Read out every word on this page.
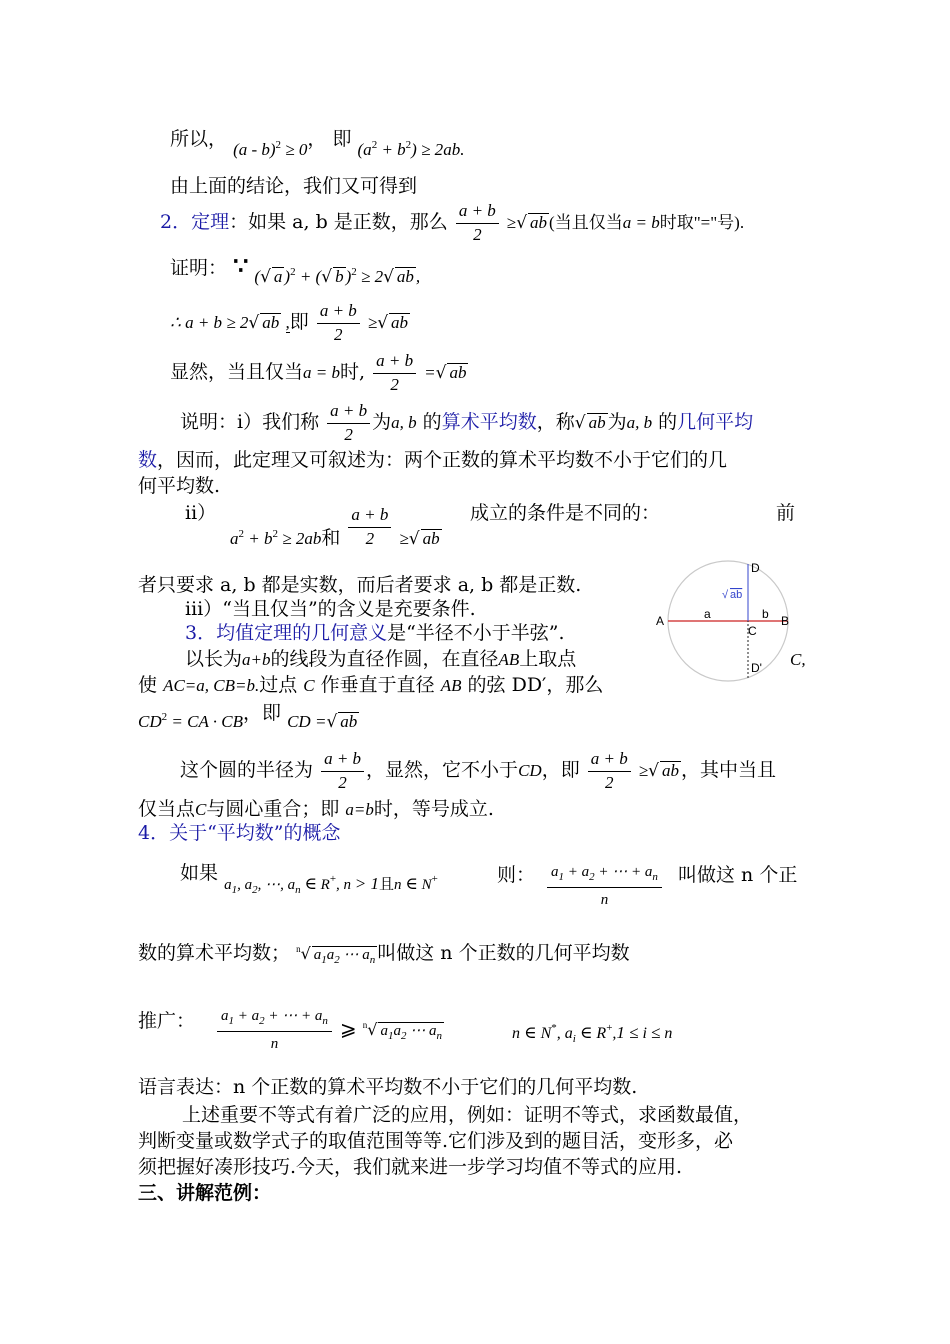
所以， (a - b)$^2$ ≥ 0， 即 $(a^2 + b^2) \ge 2ab$.
由上面的结论，我们又可得到
2．定理：如果 a, b 是正数，那么 $\frac{a + b}{2}$ ≥√ ab (当且仅当a = b时取"="号).
证明： ∵ (√ a )$^2$ + (√ b )$^2$ ≥ 2√ ab ,
∴ a + b ≥ 2√ ab ,即 $\frac{a + b}{2}$ ≥√ ab
显然，当且仅当a = b时, $\frac{a + b}{2}$ =√ ab
说明：ⅰ）我们称 $\frac{a + b}{2}$ 为a, b 的算术平均数，称√ ab 为a, b 的几何平均
数，因而，此定理又可叙述为：两个正数的算术平均数不小于它们的几
何平均数.
ⅱ）
$a^2 + b^2 \ge 2ab$和 $\frac{a + b}{2}$ ≥√ ab
成立的条件是不同的：	前
者只要求 a, b 都是实数，而后者要求 a, b 都是正数.
ⅲ）“当且仅当”的含义是充要条件.
3．均值定理的几何意义是“半径不小于半弦”.
以长为a+b的线段为直径作圆，在直径AB上取点	C,
使 AC=a, CB=b.过点 C 作垂直于直径 AB 的弦 DD′，那么
$CD^2$ = CA · CB，即 CD =√ ab
这个圆的半径为 $\frac{a + b}{2}$ ，显然，它不小于CD，即 $\frac{a + b}{2}$ ≥√ ab ，其中当且
仅当点C与圆心重合；即 a=b时，等号成立.
4．关于“平均数”的概念
如果 $_{a_1, a_2, \cdots, a_n \in R^+, n > 1且n \in N^+}$	则： $\frac{a_1 + a_2 + \cdots + a_n}{n}$ 叫做这 n 个正
数的算术平均数； $^n$√ $a_1a_2$ ⋯ $a_n$ 叫做这 n 个正数的几何平均数
推广： $\frac{a_1 + a_2 + \cdots + a_n}{n}$ ⩾ $^n$√ $a_1a_2$ ⋯ $a_n$	n ∈ N*, $a_i$ ∈ R+,1 ≤ i ≤ n
语言表达：n 个正数的算术平均数不小于它们的几何平均数.
上述重要不等式有着广泛的应用，例如：证明不等式，求函数最值，
判断变量或数学式子的取值范围等等.它们涉及到的题目活，变形多，必
须把握好凑形技巧.今天，我们就来进一步学习均值不等式的应用.
三、讲解范例：
D
√ ab
A	a	b B
C
D'
